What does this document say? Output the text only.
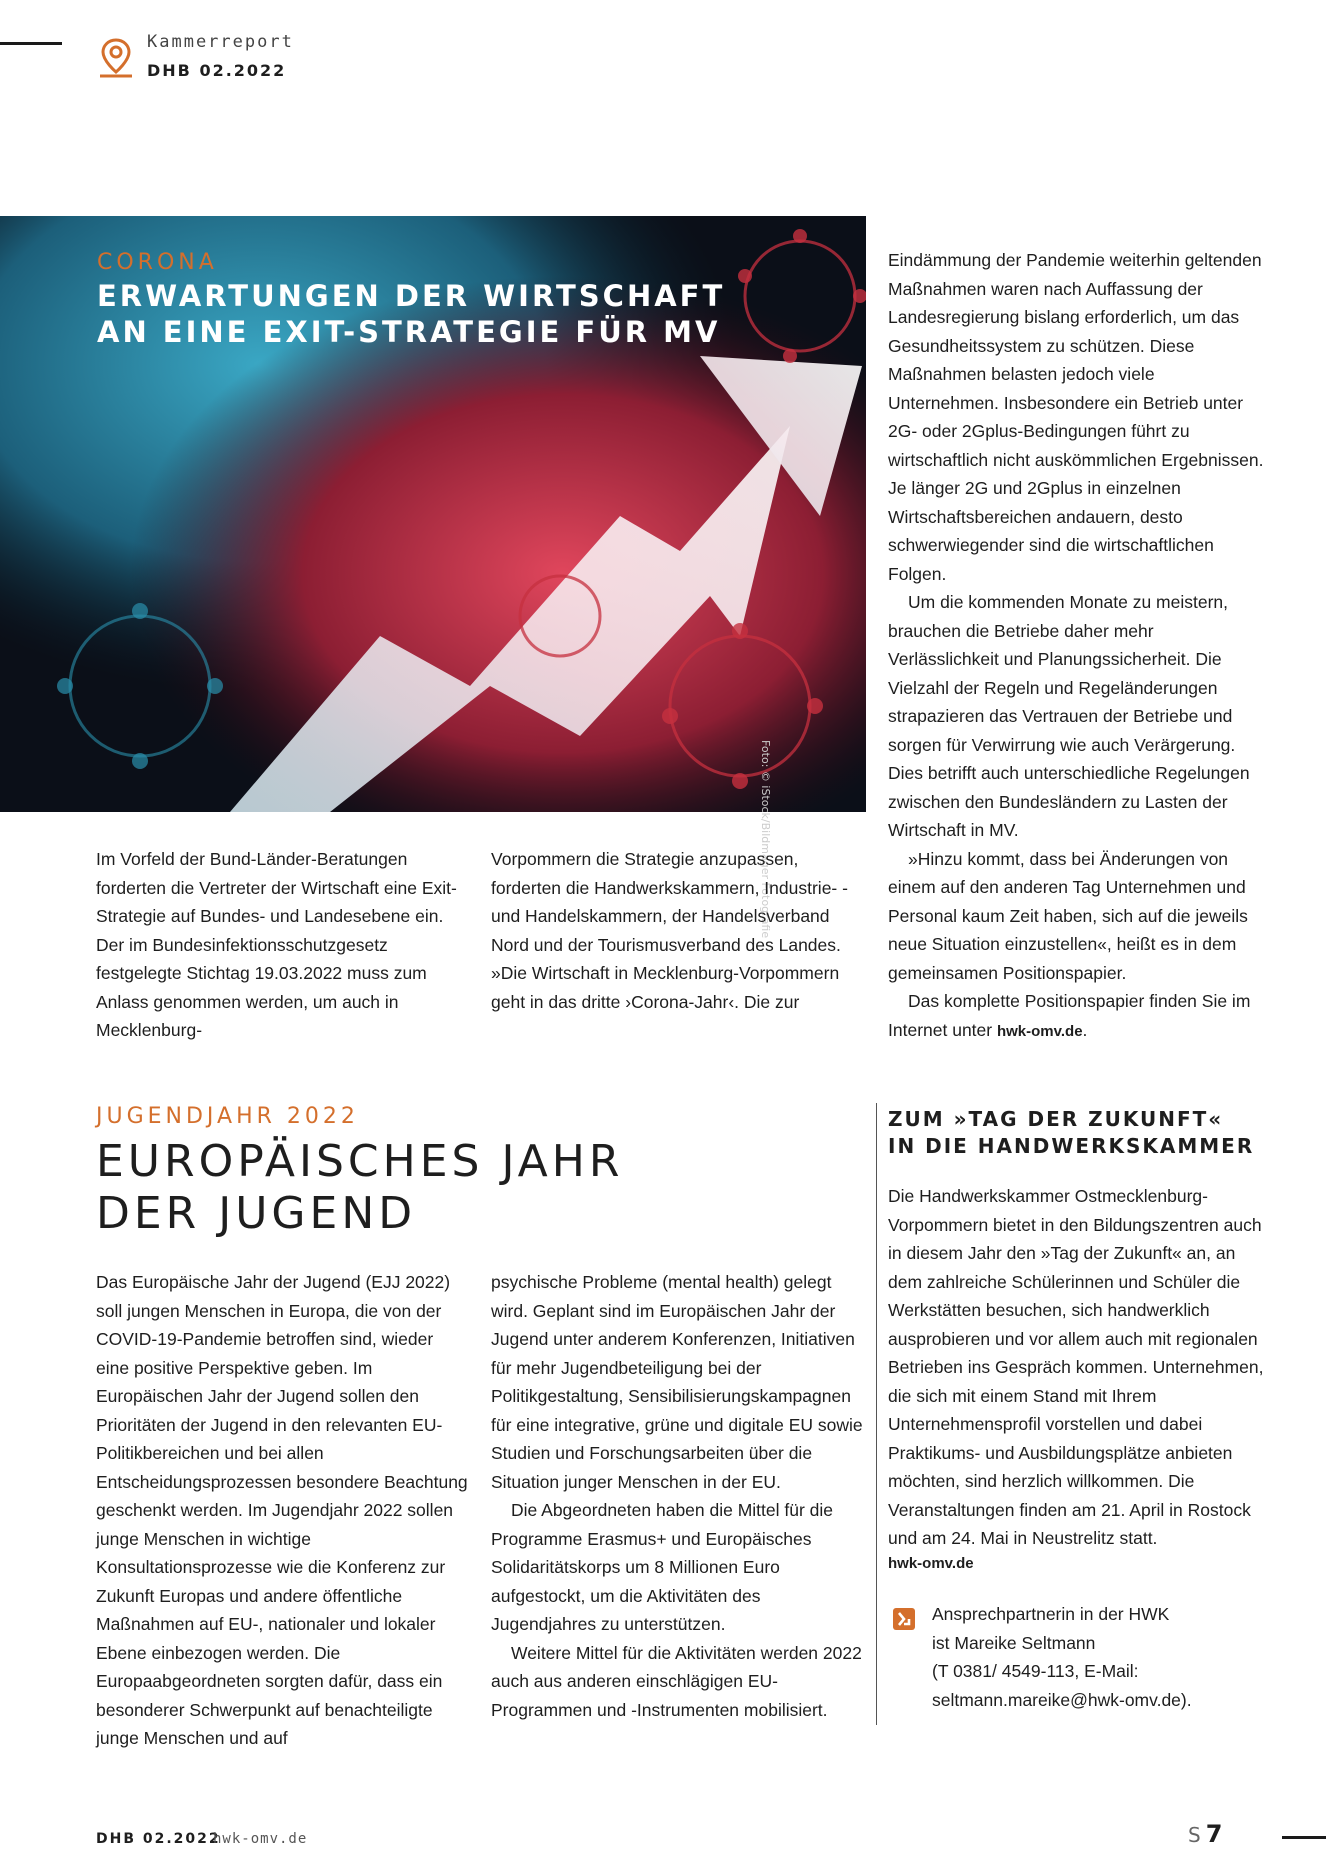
Kammerreport
DHB 02.2022
CORONA
ERWARTUNGEN DER WIRTSCHAFT
AN EINE EXIT-STRATEGIE FÜR MV
Foto: © iStock/Bildmager Fotografie
Im Vorfeld der Bund-Länder-Beratungen forderten die Vertreter der Wirtschaft eine Exit-Strategie auf Bundes- und Landesebene ein. Der im Bundesinfektionsschutzgesetz festgelegte Stichtag 19.03.2022 muss zum Anlass genommen werden, um auch in Mecklenburg-
Vorpommern die Strategie anzupassen, forderten die Handwerkskammern, Industrie- -und Handelskammern, der Handelsverband Nord und der Tourismusverband des Landes. »Die Wirtschaft in Mecklenburg-Vorpommern geht in das dritte ›Corona-Jahr‹. Die zur

Eindämmung der Pandemie weiterhin geltenden Maßnahmen waren nach Auffassung der Landesregierung bislang erforderlich, um das Gesundheitssystem zu schützen. Diese Maßnahmen belasten jedoch viele Unternehmen. Insbesondere ein Betrieb unter 2G- oder 2Gplus-Bedingungen führt zu wirtschaftlich nicht auskömmlichen Ergebnissen. Je länger 2G und 2Gplus in einzelnen Wirtschaftsbereichen andauern, desto schwerwiegender sind die wirtschaftlichen Folgen.

Um die kommenden Monate zu meistern, brauchen die Betriebe daher mehr Verlässlichkeit und Planungssicherheit. Die Vielzahl der Regeln und Regeländerungen strapazieren das Vertrauen der Betriebe und sorgen für Verwirrung wie auch Verärgerung. Dies betrifft auch unterschiedliche Regelungen zwischen den Bundesländern zu Lasten der Wirtschaft in MV.

»Hinzu kommt, dass bei Änderungen von einem auf den anderen Tag Unternehmen und Personal kaum Zeit haben, sich auf die jeweils neue Situation einzustellen«, heißt es in dem gemeinsamen Positionspapier.

Das komplette Positionspapier finden Sie im Internet unter hwk-omv.de.

JUGENDJAHR 2022
EUROPÄISCHES JAHR
DER JUGEND
Das Europäische Jahr der Jugend (EJJ 2022) soll jungen Menschen in Europa, die von der COVID-19-Pandemie betroffen sind, wieder eine positive Perspektive geben. Im Europäischen Jahr der Jugend sollen den Prioritäten der Jugend in den relevanten EU-Politikbereichen und bei allen Entscheidungsprozessen besondere Beachtung geschenkt werden. Im Jugendjahr 2022 sollen junge Menschen in wichtige Konsultationsprozesse wie die Konferenz zur Zukunft Europas und andere öffentliche Maßnahmen auf EU-, nationaler und lokaler Ebene einbezogen werden. Die Europaabgeordneten sorgten dafür, dass ein besonderer Schwerpunkt auf benachteiligte junge Menschen und auf

psychische Probleme (mental health) gelegt wird. Geplant sind im Europäischen Jahr der Jugend unter anderem Konferenzen, Initiativen für mehr Jugendbeteiligung bei der Politikgestaltung, Sensibilisierungskampagnen für eine integrative, grüne und digitale EU sowie Studien und Forschungsarbeiten über die Situation junger Menschen in der EU.

Die Abgeordneten haben die Mittel für die Programme Erasmus+ und Europäisches Solidaritätskorps um 8 Millionen Euro aufgestockt, um die Aktivitäten des Jugendjahres zu unterstützen.

Weitere Mittel für die Aktivitäten werden 2022 auch aus anderen einschlägigen EU-Programmen und -Instrumenten mobilisiert.

ZUM »TAG DER ZUKUNFT«
IN DIE HANDWERKSKAMMER
Die Handwerkskammer Ostmecklenburg-Vorpommern bietet in den Bildungszentren auch in diesem Jahr den »Tag der Zukunft« an, an dem zahlreiche Schülerinnen und Schüler die Werkstätten besuchen, sich handwerklich ausprobieren und vor allem auch mit regionalen Betrieben ins Gespräch kommen. Unternehmen, die sich mit einem Stand mit Ihrem Unternehmensprofil vorstellen und dabei Praktikums- und Ausbildungsplätze anbieten möchten, sind herzlich willkommen. Die Veranstaltungen finden am 21. April in Rostock und am 24. Mai in Neustrelitz statt.
hwk-omv.de
Ansprechpartnerin in der HWK
ist Mareike Seltmann
(T 0381/ 4549-113, E-Mail:
seltmann.mareike@hwk-omv.de).
DHB 02.2022
hwk-omv.de	S 7
